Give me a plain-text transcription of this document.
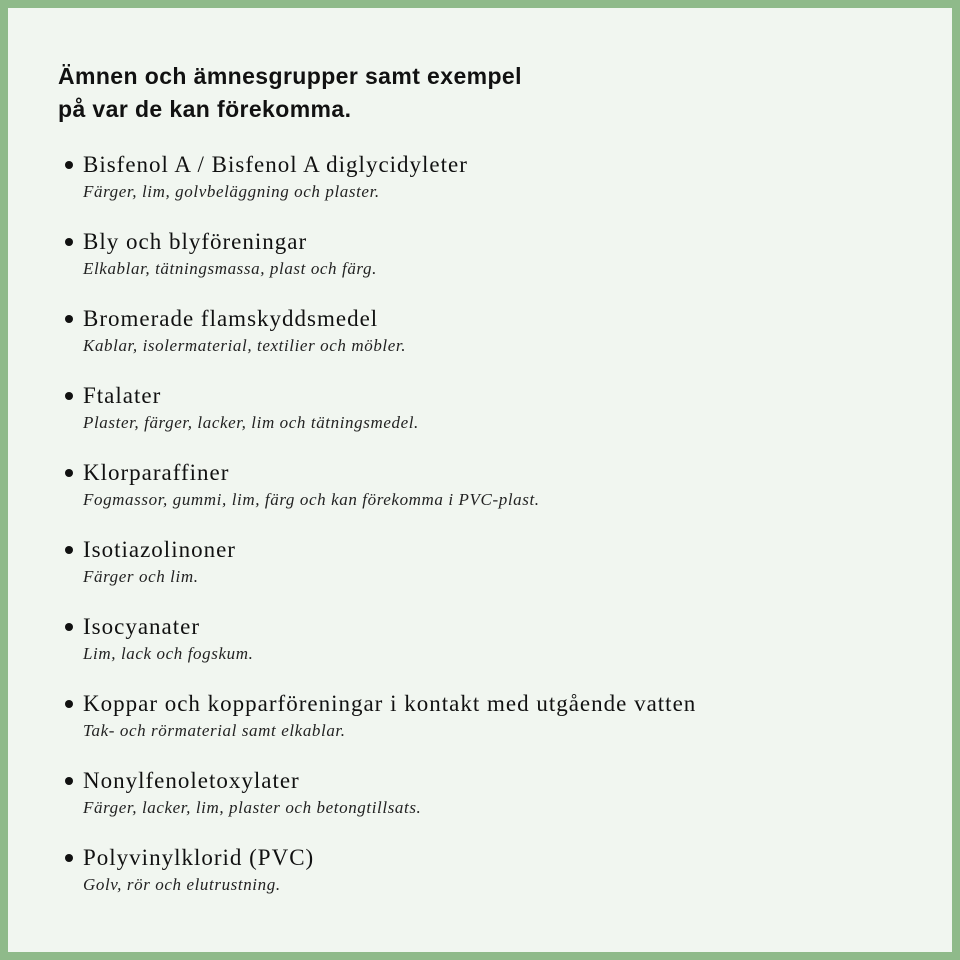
Ämnen och ämnesgrupper samt exempel
på var de kan förekomma.
Bisfenol A / Bisfenol A diglycidyleter
Färger, lim, golvbeläggning och plaster.
Bly och blyföreningar
Elkablar, tätningsmassa, plast och färg.
Bromerade flamskyddsmedel
Kablar, isolermaterial, textilier och möbler.
Ftalater
Plaster, färger, lacker, lim och tätningsmedel.
Klorparaffiner
Fogmassor, gummi, lim, färg och kan förekomma i PVC-plast.
Isotiazolinoner
Färger och lim.
Isocyanater
Lim, lack och fogskum.
Koppar och kopparföreningar i kontakt med utgående vatten
Tak- och rörmaterial samt elkablar.
Nonylfenoletoxylater
Färger, lacker, lim, plaster och betongtillsats.
Polyvinylklorid (PVC)
Golv, rör och elutrustning.
